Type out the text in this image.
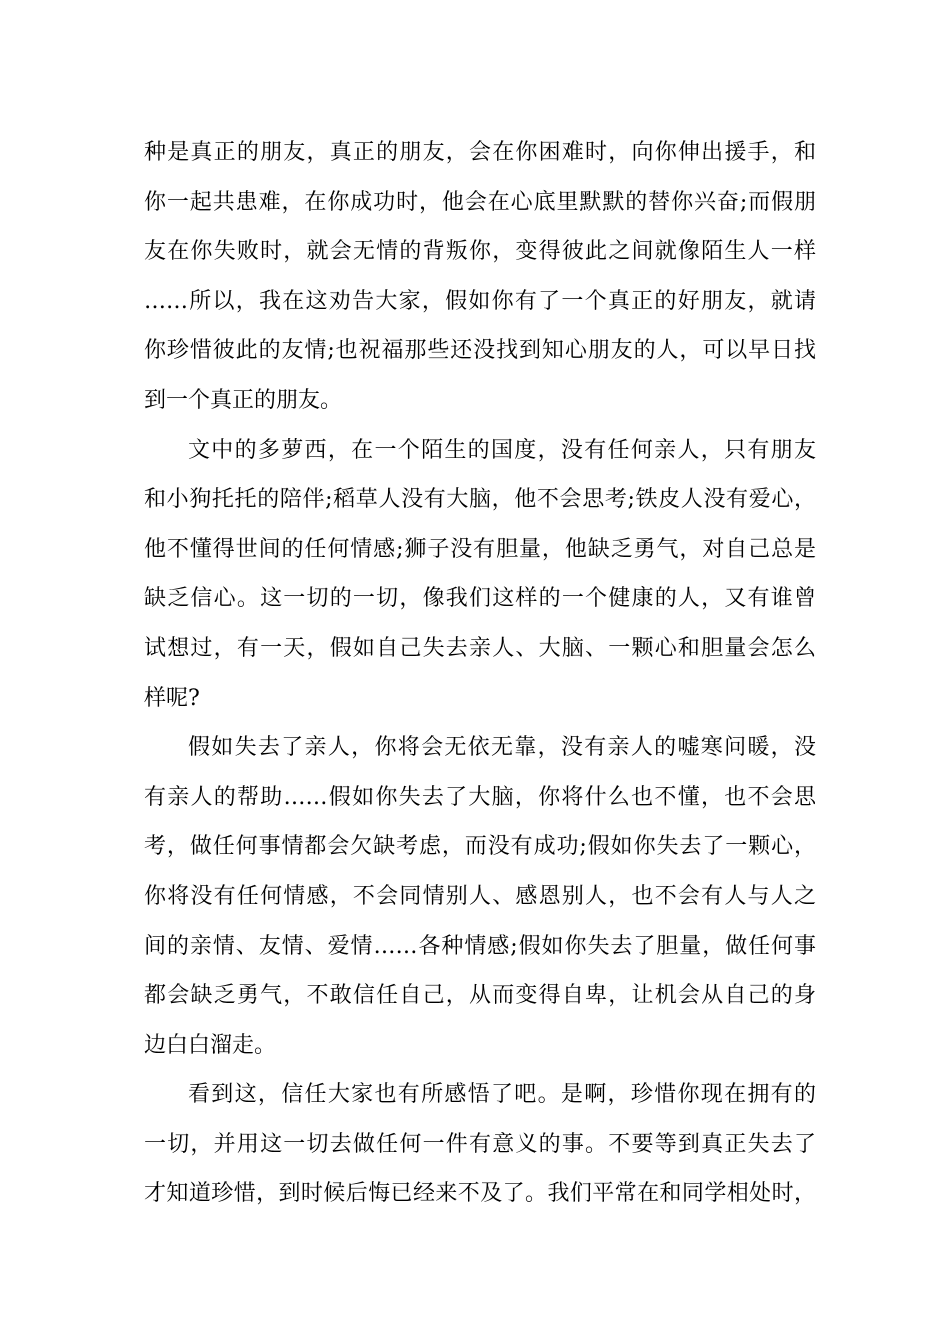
种是真正的朋友，真正的朋友，会在你困难时，向你伸出援手，和
你一起共患难，在你成功时，他会在心底里默默的替你兴奋;而假朋
友在你失败时，就会无情的背叛你，变得彼此之间就像陌生人一样
……所以，我在这劝告大家，假如你有了一个真正的好朋友，就请
你珍惜彼此的友情;也祝福那些还没找到知心朋友的人，可以早日找
到一个真正的朋友。
文中的多萝西，在一个陌生的国度，没有任何亲人，只有朋友
和小狗托托的陪伴;稻草人没有大脑，他不会思考;铁皮人没有爱心，
他不懂得世间的任何情感;狮子没有胆量，他缺乏勇气，对自己总是
缺乏信心。这一切的一切，像我们这样的一个健康的人，又有谁曾
试想过，有一天，假如自己失去亲人、大脑、一颗心和胆量会怎么
样呢?
假如失去了亲人，你将会无依无靠，没有亲人的嘘寒问暖，没
有亲人的帮助……假如你失去了大脑，你将什么也不懂，也不会思
考，做任何事情都会欠缺考虑，而没有成功;假如你失去了一颗心，
你将没有任何情感，不会同情别人、感恩别人，也不会有人与人之
间的亲情、友情、爱情……各种情感;假如你失去了胆量，做任何事
都会缺乏勇气，不敢信任自己，从而变得自卑，让机会从自己的身
边白白溜走。
看到这，信任大家也有所感悟了吧。是啊，珍惜你现在拥有的
一切，并用这一切去做任何一件有意义的事。不要等到真正失去了
才知道珍惜，到时候后悔已经来不及了。我们平常在和同学相处时，
